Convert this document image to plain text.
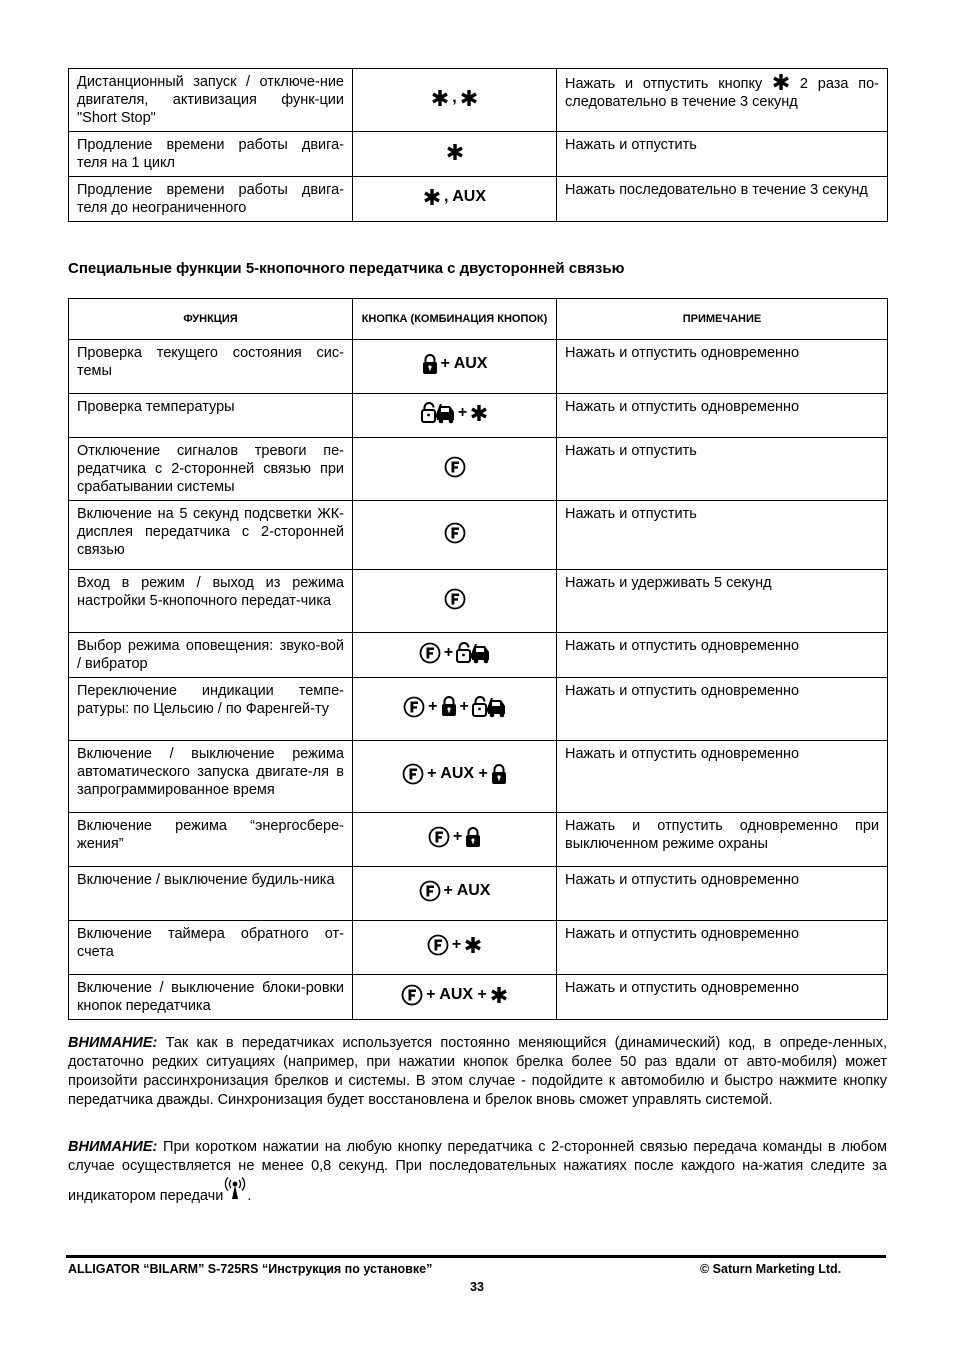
Дистанционный запуск / отключе-ние двигателя, активизация функ-ции "Short Stop"	,	Нажать и отпустить кнопку 2 раза по-следовательно в течение 3 секунд
Продление времени работы двига-теля на 1 цикл		Нажать и отпустить
Продление времени работы двига-теля до неограниченного	, AUX	Нажать последовательно в течение 3 секунд
Специальные функции 5-кнопочного передатчика с двусторонней связью
ФУНКЦИЯ	КНОПКА (КОМБИНАЦИЯ КНОПОК)	ПРИМЕЧАНИЕ
Проверка текущего состояния сис-темы	+ AUX	Нажать и отпустить одновременно
Проверка температуры	+	Нажать и отпустить одновременно
Отключение сигналов тревоги пе-редатчика с 2-сторонней связью при срабатывании системы		Нажать и отпустить
Включение на 5 секунд подсветки ЖК-дисплея передатчика с 2-сторонней связью		Нажать и отпустить
Вход в режим / выход из режима настройки 5-кнопочного передат-чика		Нажать и удерживать 5 секунд
Выбор режима оповещения: звуко-вой / вибратор	+	Нажать и отпустить одновременно
Переключение индикации темпе-ратуры: по Цельсию / по Фаренгей-ту	+ +	Нажать и отпустить одновременно
Включение / выключение режима автоматического запуска двигате-ля в запрограммированное время	+ AUX +	Нажать и отпустить одновременно
Включение режима “энергосбере-жения”	+	Нажать и отпустить одновременно при выключенном режиме охраны
Включение / выключение будиль-ника	+ AUX	Нажать и отпустить одновременно
Включение таймера обратного от-счета	+	Нажать и отпустить одновременно
Включение / выключение блоки-ровки кнопок передатчика	+ AUX +	Нажать и отпустить одновременно

ВНИМАНИЕ: Так как в передатчиках используется постоянно меняющийся (динамический) код, в опреде-ленных, достаточно редких ситуациях (например, при нажатии кнопок брелка более 50 раз вдали от авто-мобиля) может произойти рассинхронизация брелков и системы. В этом случае - подойдите к автомобилю и быстро нажмите кнопку передатчика дважды. Синхронизация будет восстановлена и брелок вновь сможет управлять системой.

ВНИМАНИЕ: При коротком нажатии на любую кнопку передатчика с 2-сторонней связью передача команды в любом случае осуществляется не менее 0,8 секунд. При последовательных нажатиях после каждого на-жатия следите за индикатором передачи .

ALLIGATOR “BILARM” S-725RS “Инструкция по установке”	© Saturn Marketing Ltd.
33
